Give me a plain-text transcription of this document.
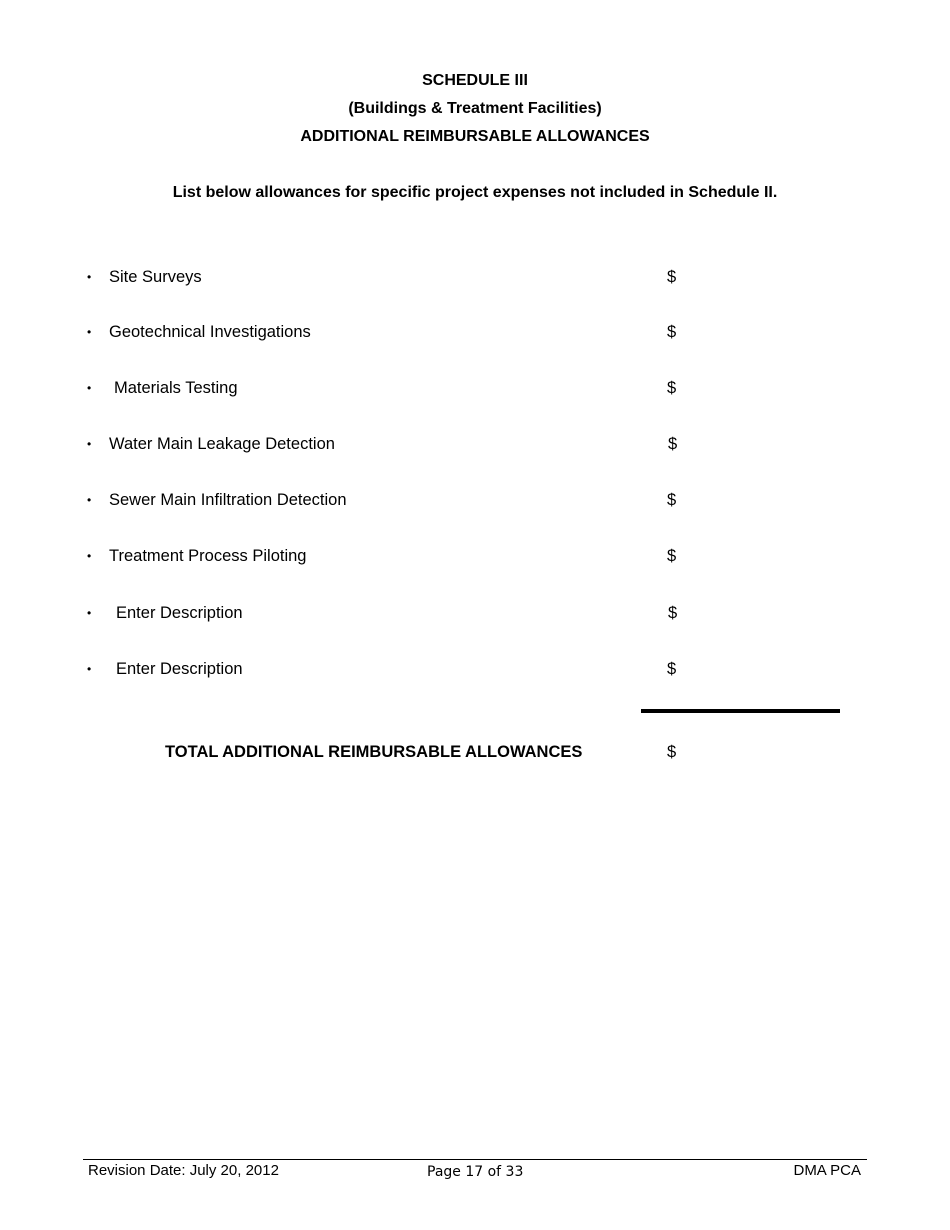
SCHEDULE III
(Buildings & Treatment Facilities)
ADDITIONAL REIMBURSABLE ALLOWANCES
List below allowances for specific project expenses not included in Schedule II.
• Site Surveys	$
• Geotechnical Investigations	$
• Materials Testing	$
• Water Main Leakage Detection	$
• Sewer Main Infiltration Detection	$
• Treatment Process Piloting	$
• Enter Description	$
• Enter Description	$
TOTAL ADDITIONAL REIMBURSABLE ALLOWANCES	$
Revision Date: July 20, 2012	Page 17 of 33	DMA PCA
